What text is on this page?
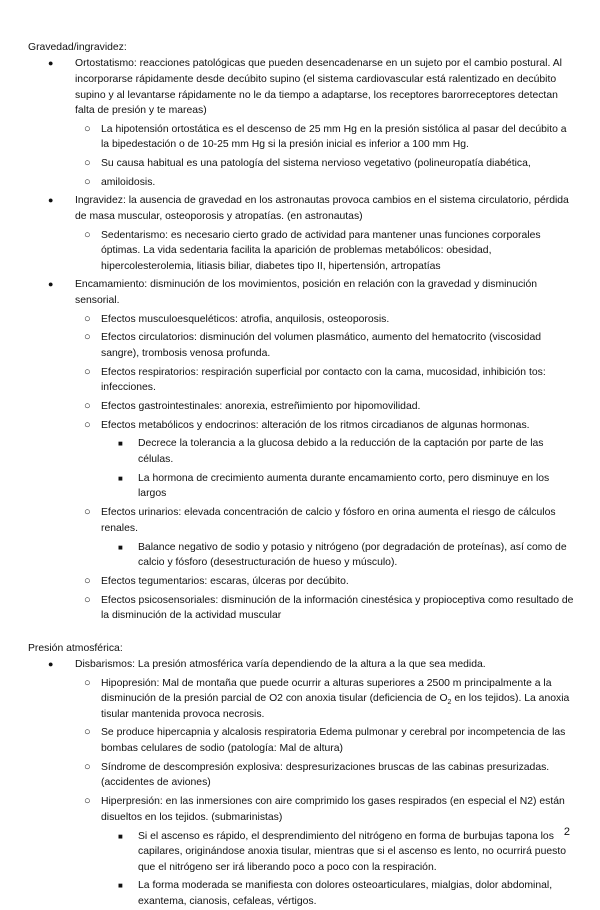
Gravedad/ingravidez:
● Ortostatismo: reacciones patológicas que pueden desencadenarse en un sujeto por el cambio postural. Al incorporarse rápidamente desde decúbito supino (el sistema cardiovascular está ralentizado en decúbito supino y al levantarse rápidamente no le da tiempo a adaptarse, los receptores barorreceptores detectan falta de presión y te mareas)
○ La hipotensión ortostática es el descenso de 25 mm Hg en la presión sistólica al pasar del decúbito a la bipedestación o de 10-25 mm Hg si la presión inicial es inferior a 100 mm Hg.
○ Su causa habitual es una patología del sistema nervioso vegetativo (polineuropatía diabética,
○ amiloidosis.
● Ingravidez: la ausencia de gravedad en los astronautas provoca cambios en el sistema circulatorio, pérdida de masa muscular, osteoporosis y atropatías. (en astronautas)
○ Sedentarismo: es necesario cierto grado de actividad para mantener unas funciones corporales óptimas. La vida sedentaria facilita la aparición de problemas metabólicos: obesidad, hipercolesterolemia, litiasis biliar, diabetes tipo II, hipertensión, artropatías
● Encamamiento: disminución de los movimientos, posición en relación con la gravedad y disminución sensorial.
○ Efectos musculoesqueléticos: atrofia, anquilosis, osteoporosis.
○ Efectos circulatorios: disminución del volumen plasmático, aumento del hematocrito (viscosidad sangre), trombosis venosa profunda.
○ Efectos respiratorios: respiración superficial por contacto con la cama, mucosidad, inhibición tos: infecciones.
○ Efectos gastrointestinales: anorexia, estreñimiento por hipomovilidad.
○ Efectos metabólicos y endocrinos: alteración de los ritmos circadianos de algunas hormonas.
■ Decrece la tolerancia a la glucosa debido a la reducción de la captación por parte de las células.
■ La hormona de crecimiento aumenta durante encamamiento corto, pero disminuye en los largos
○ Efectos urinarios: elevada concentración de calcio y fósforo en orina aumenta el riesgo de cálculos renales.
■ Balance negativo de sodio y potasio y nitrógeno (por degradación de proteínas), así como de calcio y fósforo (desestructuración de hueso y músculo).
○ Efectos tegumentarios: escaras, úlceras por decúbito.
○ Efectos psicosensoriales: disminución de la información cinestésica y propioceptiva como resultado de la disminución de la actividad muscular
Presión atmosférica:
● Disbarismos: La presión atmosférica varía dependiendo de la altura a la que sea medida.
○ Hipopresión: Mal de montaña que puede ocurrir a alturas superiores a 2500 m principalmente a la disminución de la presión parcial de O2 con anoxia tisular (deficiencia de $O_2$ en los tejidos). La anoxia tisular mantenida provoca necrosis.
○ Se produce hipercapnia y alcalosis respiratoria Edema pulmonar y cerebral por incompetencia de las bombas celulares de sodio (patología: Mal de altura)
○ Síndrome de descompresión explosiva: despresurizaciones bruscas de las cabinas presurizadas. (accidentes de aviones)
○ Hiperpresión: en las inmersiones con aire comprimido los gases respirados (en especial el N2) están disueltos en los tejidos. (submarinistas)
■ Si el ascenso es rápido, el desprendimiento del nitrógeno en forma de burbujas tapona los capilares, originándose anoxia tisular, mientras que si el ascenso es lento, no ocurrirá puesto que el nitrógeno ser irá liberando poco a poco con la respiración.
■ La forma moderada se manifiesta con dolores osteoarticulares, mialgias, dolor abdominal, exantema, cianosis, cefaleas, vértigos.
2
